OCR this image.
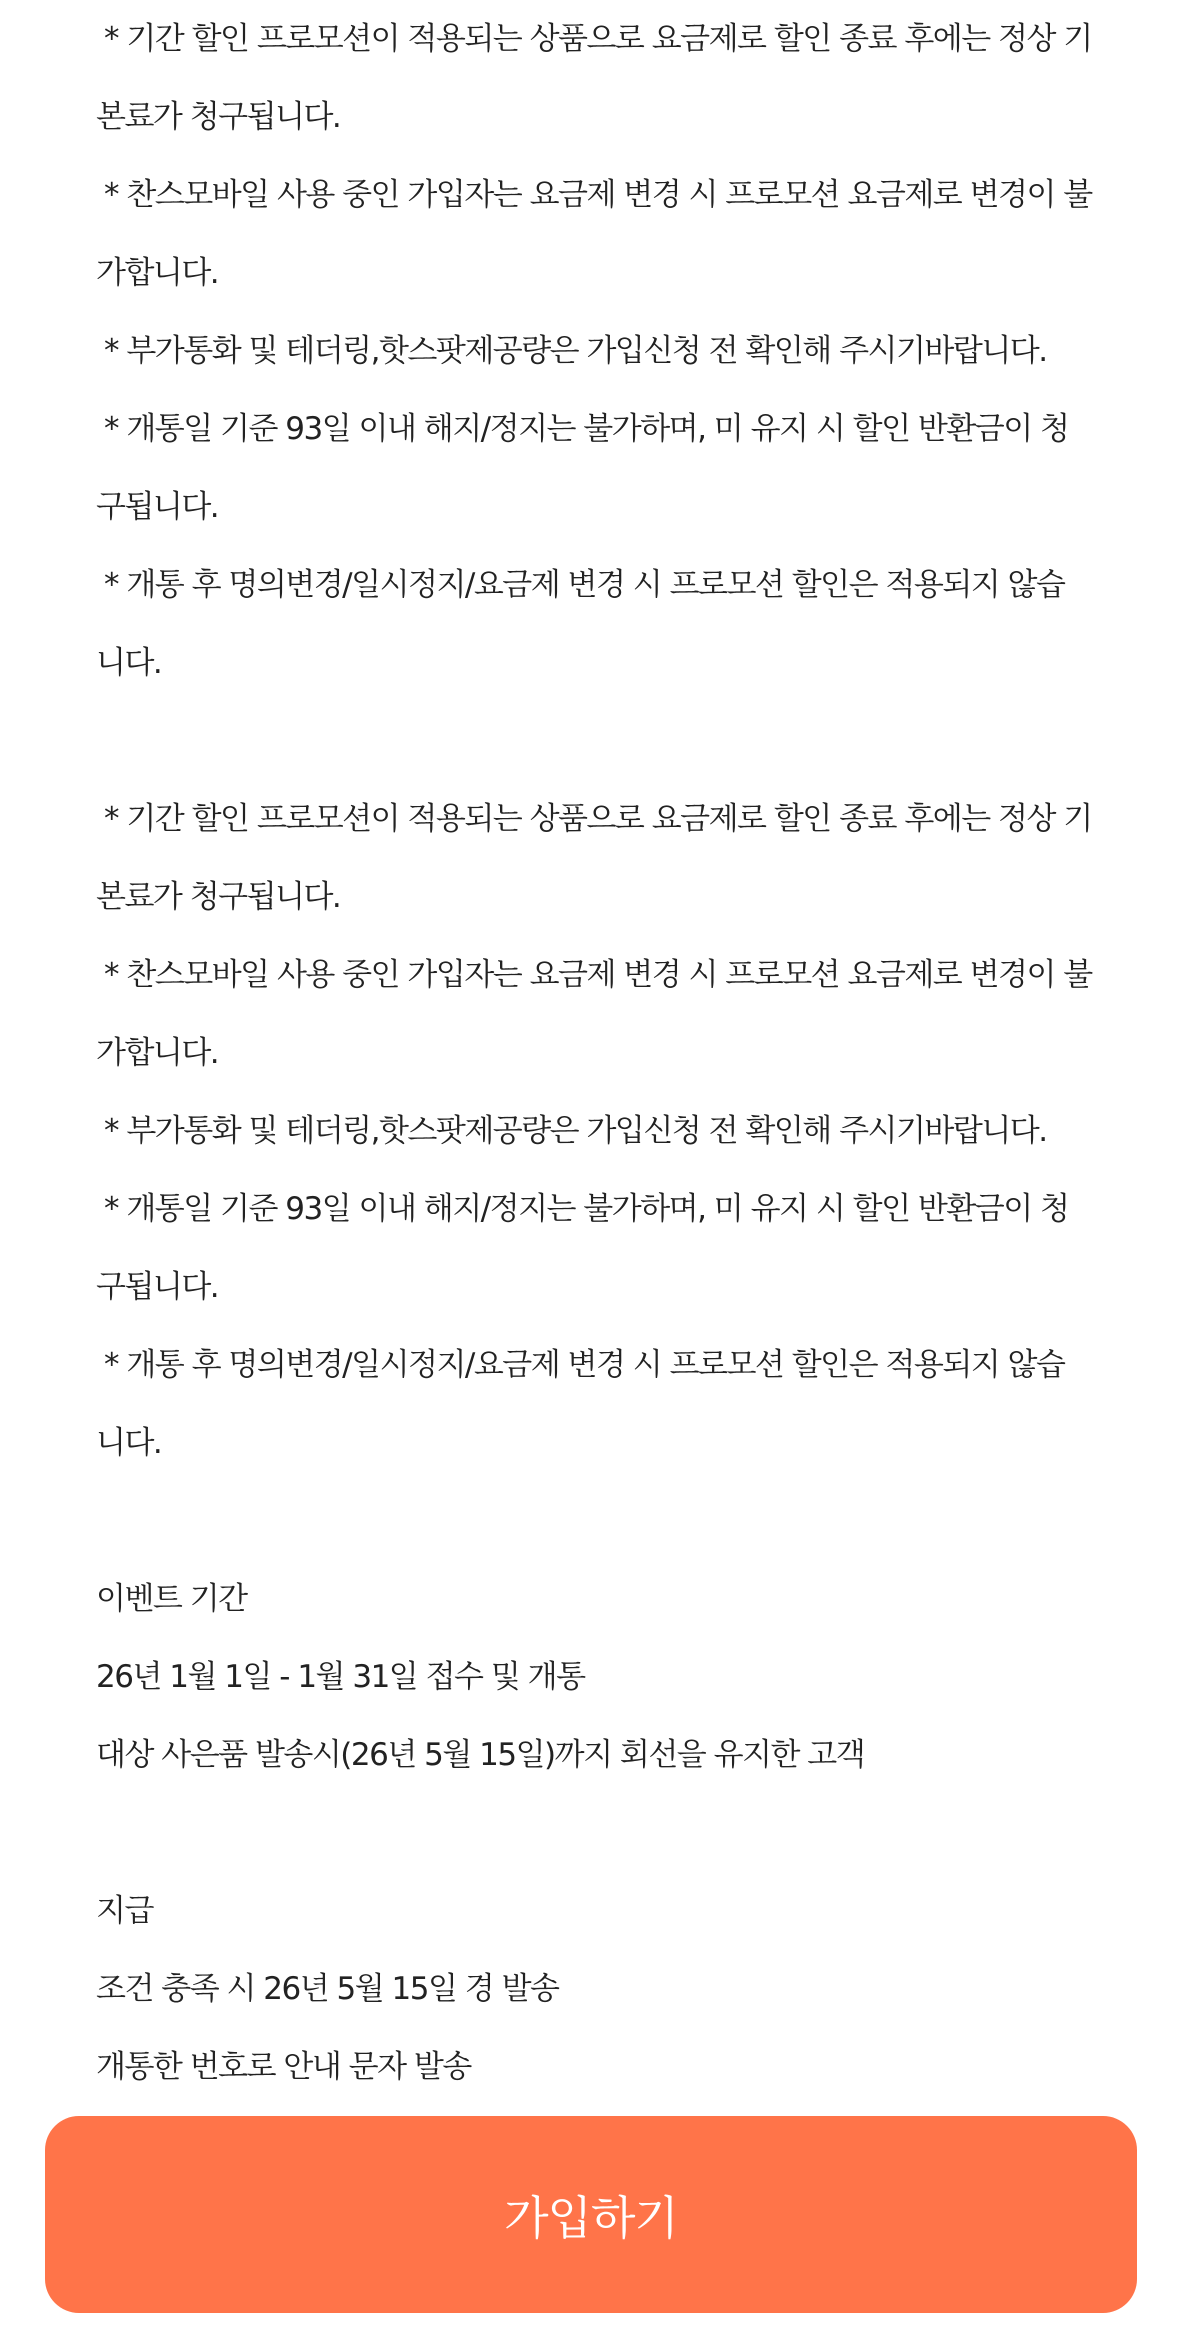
* 기간 할인 프로모션이 적용되는 상품으로 요금제로 할인 종료 후에는 정상 기

본료가 청구됩니다.

* 찬스모바일 사용 중인 가입자는 요금제 변경 시 프로모션 요금제로 변경이 불

가합니다.

* 부가통화 및 테더링,핫스팟제공량은 가입신청 전 확인해 주시기바랍니다.

* 개통일 기준 93일 이내 해지/정지는 불가하며, 미 유지 시 할인 반환금이 청

구됩니다.

* 개통 후 명의변경/일시정지/요금제 변경 시 프로모션 할인은 적용되지 않습

니다.

* 기간 할인 프로모션이 적용되는 상품으로 요금제로 할인 종료 후에는 정상 기

본료가 청구됩니다.

* 찬스모바일 사용 중인 가입자는 요금제 변경 시 프로모션 요금제로 변경이 불

가합니다.

* 부가통화 및 테더링,핫스팟제공량은 가입신청 전 확인해 주시기바랍니다.

* 개통일 기준 93일 이내 해지/정지는 불가하며, 미 유지 시 할인 반환금이 청

구됩니다.

* 개통 후 명의변경/일시정지/요금제 변경 시 프로모션 할인은 적용되지 않습

니다.

이벤트 기간

26년 1월 1일 - 1월 31일 접수 및 개통

대상 사은품 발송시(26년 5월 15일)까지 회선을 유지한 고객

지급

조건 충족 시 26년 5월 15일 경 발송

개통한 번호로 안내 문자 발송

가입하기
